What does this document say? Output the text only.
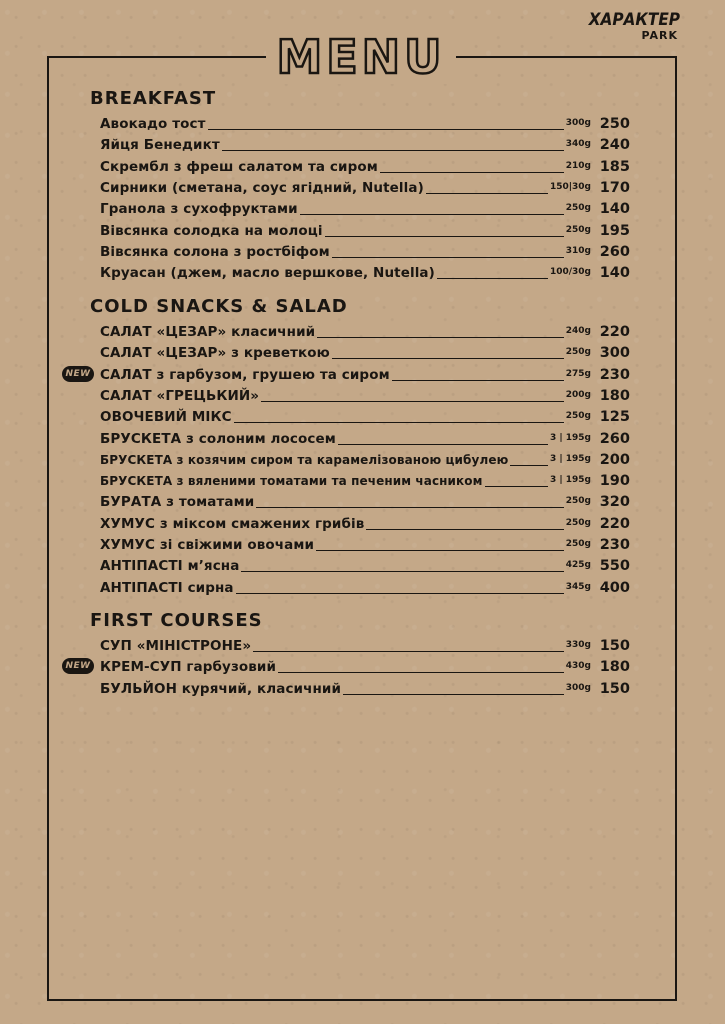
MENU
ХАРАКТЕР
PARK
BREAKFAST
Авокадо тост	300g 250
Яйця Бенедикт	340g 240
Скрембл з фреш салатом та сиром	210g 185
Сирники (сметана, соус ягідний, Nutella)	150|30g 170
Гранола з сухофруктами	250g 140
Вівсянка солодка на молоці	250g 195
Вівсянка солона з ростбіфом	310g 260
Круасан (джем, масло вершкове, Nutella)	100/30g 140
COLD SNACKS & SALAD
САЛАТ «ЦЕЗАР» класичний	240g 220
САЛАТ «ЦЕЗАР» з креветкою	250g 300
САЛАТ з гарбузом, грушею та сиром	275g 230
NEW
САЛАТ «ГРЕЦЬКИЙ»	200g 180
ОВОЧЕВИЙ МІКС	250g 125
БРУСКЕТА з солоним лососем	3 | 195g 260
БРУСКЕТА з козячим сиром та карамелізованою цибулею	3 | 195g 200
БРУСКЕТА з вяленими томатами та печеним часником	3 | 195g 190
БУРАТА з томатами	250g 320
ХУМУС з міксом смажених грибів	250g 220
ХУМУС зі свіжими овочами	250g 230
АНТІПАСТІ м’ясна	425g 550
АНТІПАСТІ сирна	345g 400
FIRST COURSES
СУП «МІНІСТРОНЕ»	330g 150
КРЕМ-СУП гарбузовий	430g 180
NEW
БУЛЬЙОН курячий, класичний	300g 150
